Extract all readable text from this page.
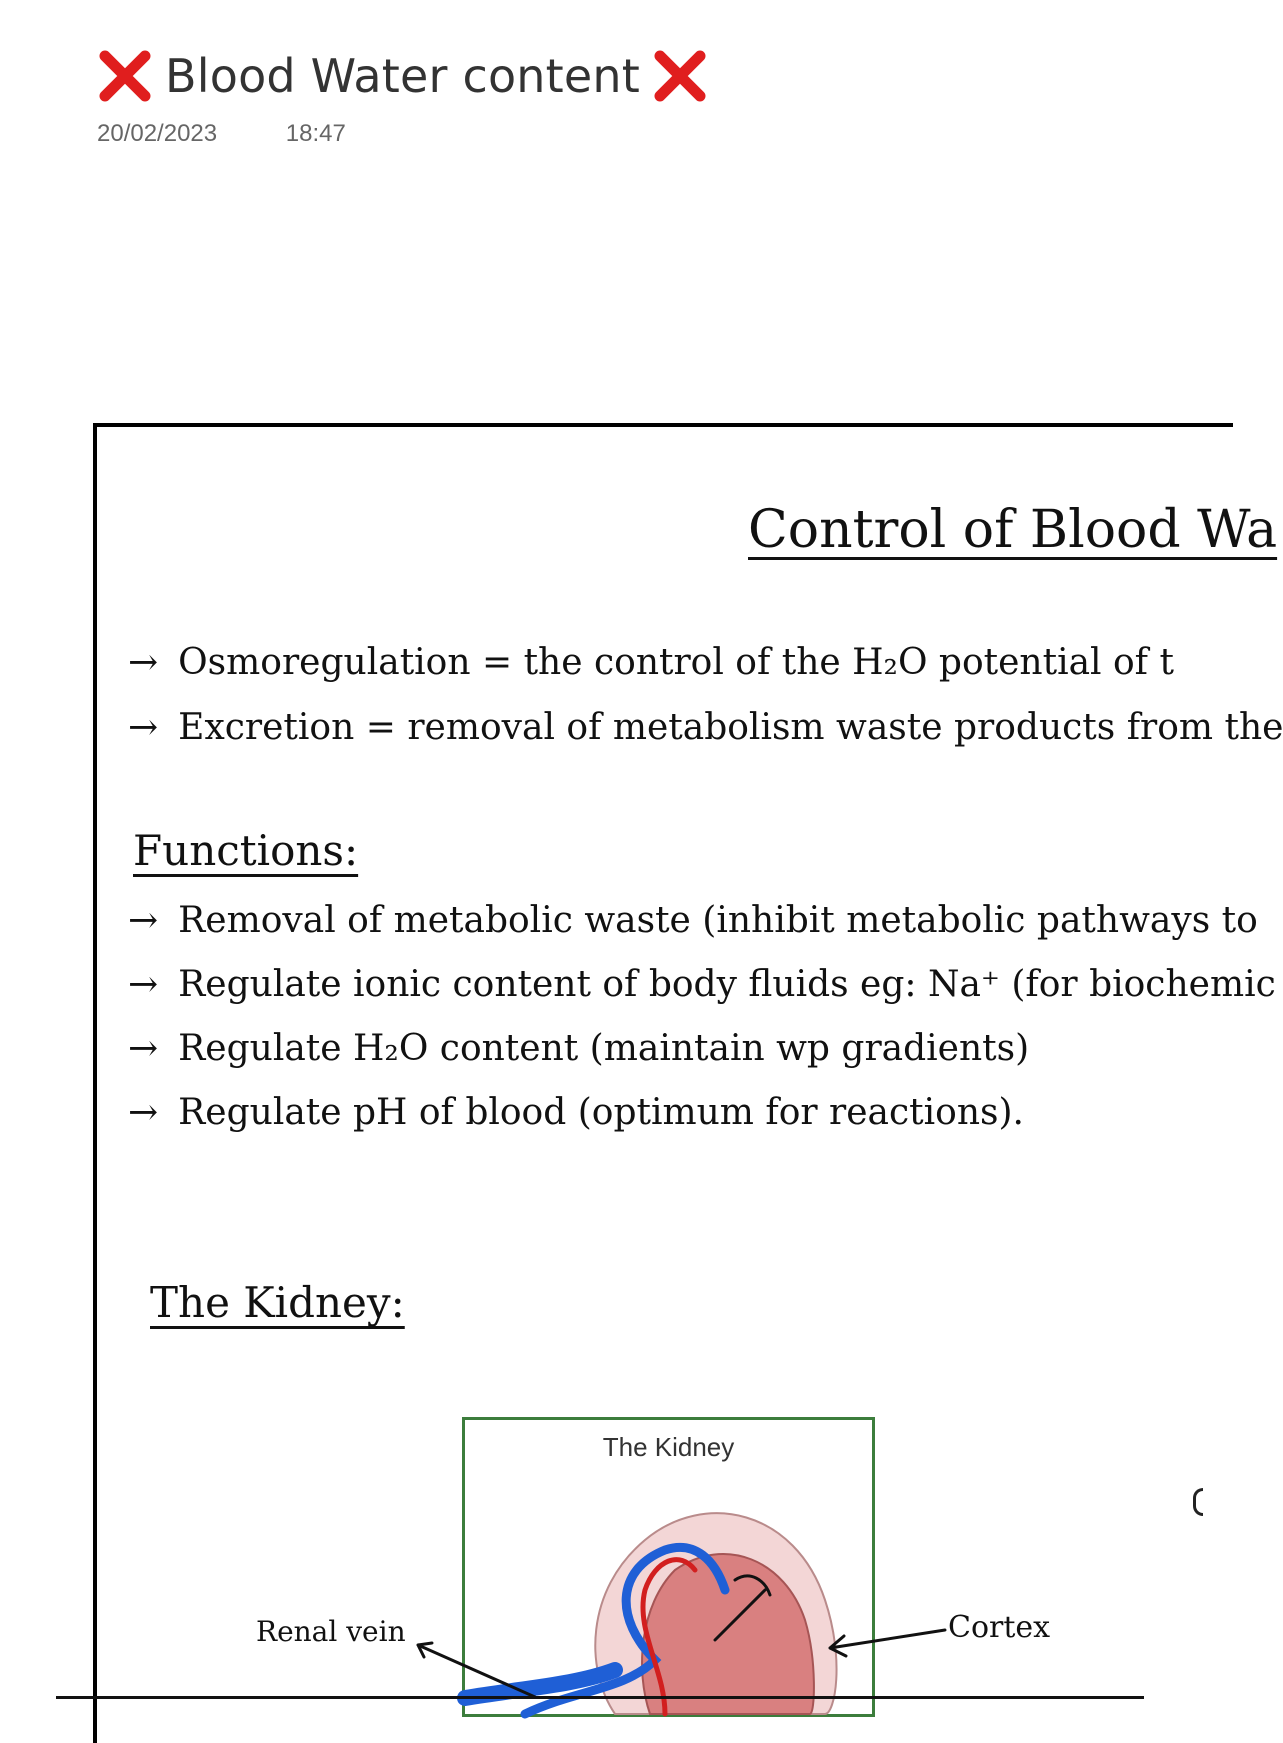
Blood Water content
20/02/2023	18:47
Control of Blood Wa
→ Osmoregulation = the control of the H₂O potential of t
→ Excretion = removal of metabolism waste products from the
Functions:
→ Removal of metabolic waste (inhibit metabolic pathways to
→ Regulate ionic content of body fluids eg: Na⁺ (for biochemic
→ Regulate H₂O content (maintain wp gradients)
→ Regulate pH of blood (optimum for reactions).
The Kidney:
The Kidney
Cortex
Renal vein
